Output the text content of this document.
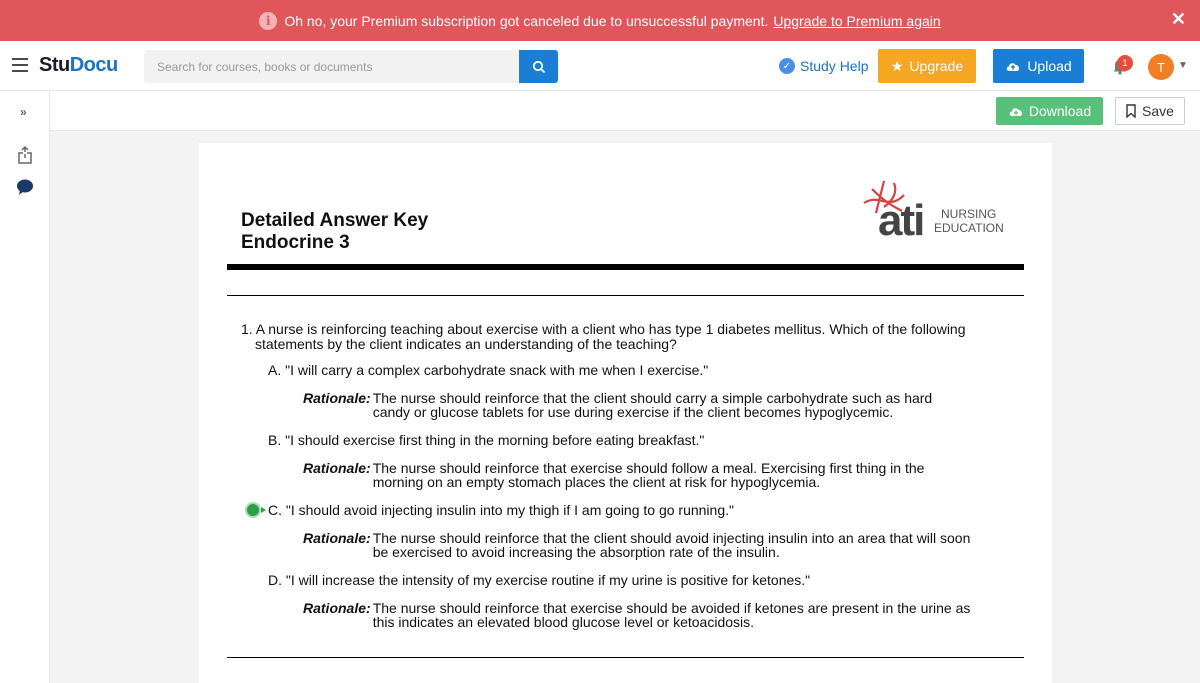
i Oh no, your Premium subscription got canceled due to unsuccessful payment. Upgrade to Premium again	✕
StuDocu	Search for courses, books or documents	✓ Study Help ★ Upgrade	Upload	1	T	▼
»	Download	Save
Detailed Answer Key
Endocrine 3	ati NURSING
EDUCATION
1. A nurse is reinforcing teaching about exercise with a client who has type 1 diabetes mellitus. Which of the following
statements by the client indicates an understanding of the teaching?
A. "I will carry a complex carbohydrate snack with me when I exercise."
Rationale: The nurse should reinforce that the client should carry a simple carbohydrate such as hard candy or glucose tablets for use during exercise if the client becomes hypoglycemic.
B. "I should exercise first thing in the morning before eating breakfast."
Rationale: The nurse should reinforce that exercise should follow a meal. Exercising first thing in the morning on an empty stomach places the client at risk for hypoglycemia.
C. "I should avoid injecting insulin into my thigh if I am going to go running."
Rationale: The nurse should reinforce that the client should avoid injecting insulin into an area that will soon be exercised to avoid increasing the absorption rate of the insulin.
D. "I will increase the intensity of my exercise routine if my urine is positive for ketones."
Rationale: The nurse should reinforce that exercise should be avoided if ketones are present in the urine as this indicates an elevated blood glucose level or ketoacidosis.
